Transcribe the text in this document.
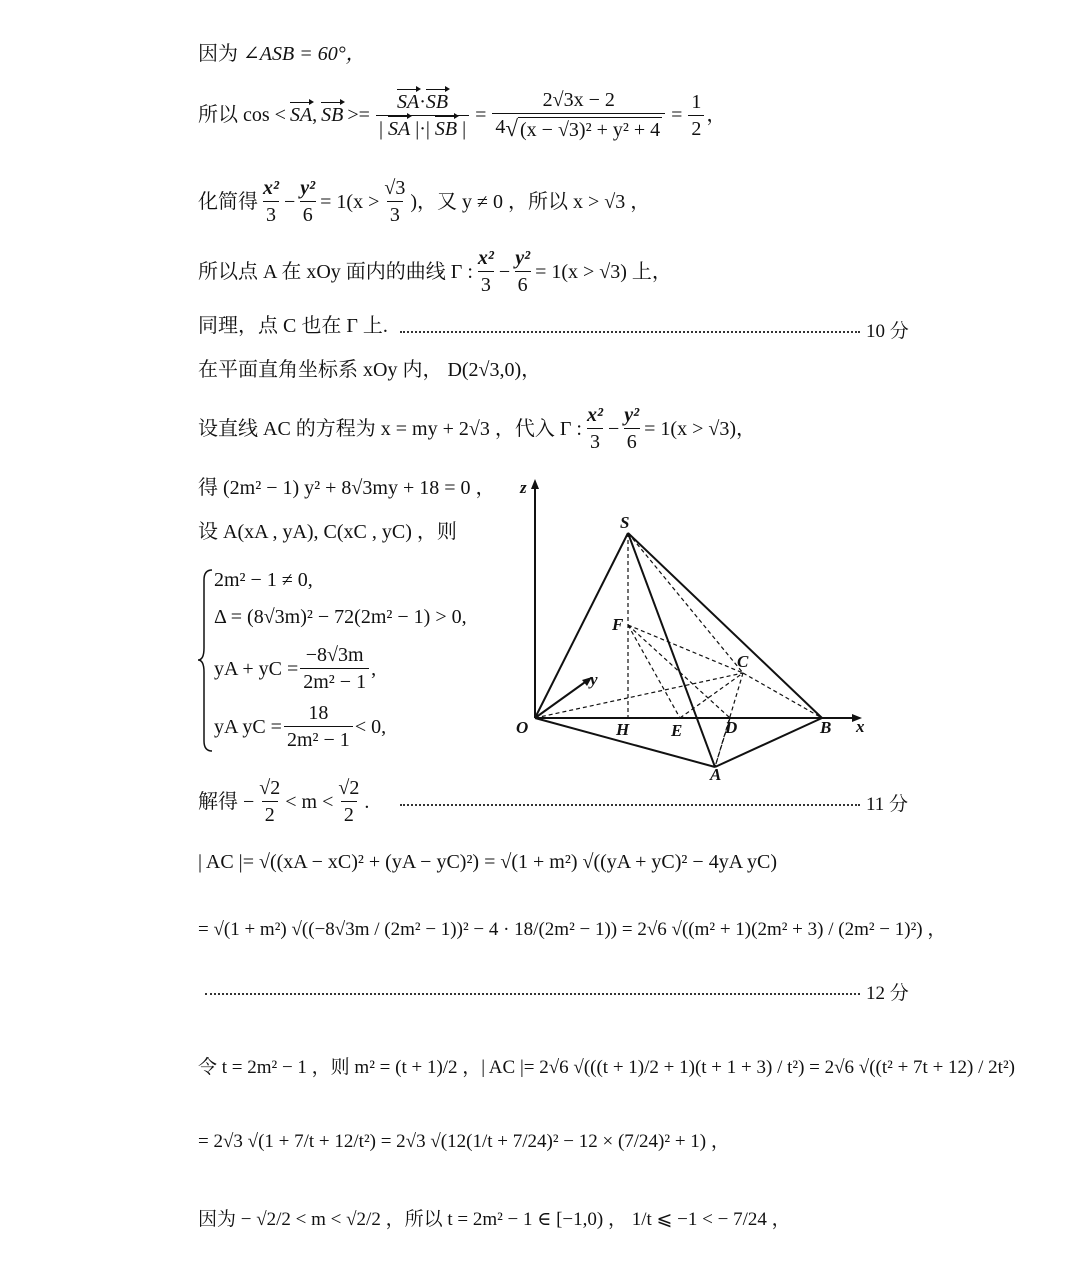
因为 ∠ASB = 60°，
所以 cos < SA , SB >= $\frac{SA\cdot SB}{| SA |\cdot| SB |} = \frac{2√3x - 2}{\text{4 √ (x − √3)² + y² + 4}} = \frac{1}{2}$ ，
化简得 $\frac{\text{x²}}{3} - \frac{\text{y²}}{6} = 1(x > \frac{√3}{3}$ ) ，又 y ≠ 0 ，所以 x > √3 ，
所以点 A 在 xOy 面内的曲线 Γ : $\frac{\text{x²}}{3} - \frac{\text{y²}}{6} = 1(x > √3)$ 上，
同理，点 C 也在 Γ 上.	10 分
在平面直角坐标系 xOy 内， D(2√3,0)，
设直线 AC 的方程为 x = my + 2√3 ，代入 Γ : $\frac{\text{x²}}{3} - \frac{\text{y²}}{6} = 1(x > √3)$，
得 (2m² − 1) y² + 8√3my + 18 = 0 ，
设 A(xA , yA), C(xC , yC) ，则
2m² − 1 ≠ 0,
Δ = (8√3m)² − 72(2m² − 1) > 0,
yA + yC = $\frac{-8√3m}{\text{2m² − 1}}$ ,
yA yC = $\frac{18}{\text{2m² − 1}} < 0$,
z
y
x
S
F
C
O	H E	D	B
A
解得 − $\frac{√2}{2} < m < \frac{√2}{2}$ .	11 分
| AC |= √((xA − xC)² + (yA − yC)²) = √(1 + m²) √((yA + yC)² − 4yA yC)
= √(1 + m²) √((−8√3m / (2m² − 1))² − 4 · 18/(2m² − 1)) = 2√6 √((m² + 1)(2m² + 3) / (2m² − 1)²) ，
12 分
令 t = 2m² − 1 ，则 m² = (t + 1)/2 ，| AC |= 2√6 √(((t + 1)/2 + 1)(t + 1 + 3) / t²) = 2√6 √((t² + 7t + 12) / 2t²)
= 2√3 √(1 + 7/t + 12/t²) = 2√3 √(12(1/t + 7/24)² − 12 × (7/24)² + 1) ，
因为 − √2/2 < m < √2/2 ，所以 t = 2m² − 1 ∈ [−1,0) ， 1/t ⩽ −1 < − 7/24 ，
